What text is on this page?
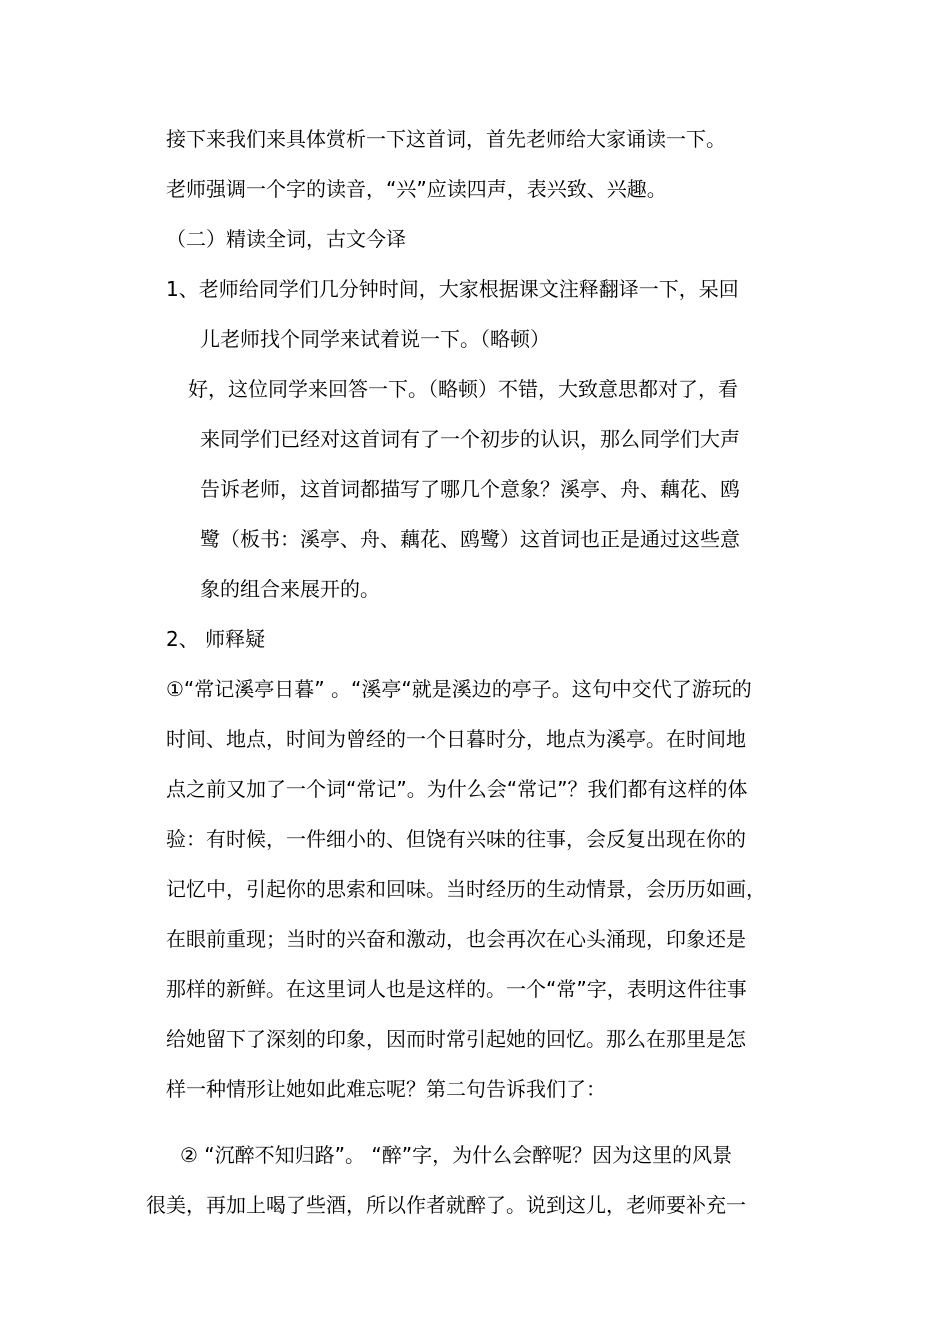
接下来我们来具体赏析一下这首词，首先老师给大家诵读一下。
老师强调一个字的读音，“兴”应读四声，表兴致、兴趣。
（二）精读全词，古文今译
1、老师给同学们几分钟时间，大家根据课文注释翻译一下，呆回
儿老师找个同学来试着说一下。（略顿）
好，这位同学来回答一下。（略顿）不错，大致意思都对了，看
来同学们已经对这首词有了一个初步的认识，那么同学们大声
告诉老师，这首词都描写了哪几个意象？溪亭、舟、藕花、鸥
鹭（板书：溪亭、舟、藕花、鸥鹭）这首词也正是通过这些意
象的组合来展开的。
2、 师释疑
①“常记溪亭日暮” 。“溪亭“就是溪边的亭子。这句中交代了游玩的
时间、地点，时间为曾经的一个日暮时分，地点为溪亭。在时间地
点之前又加了一个词“常记”。为什么会“常记”？我们都有这样的体
验：有时候，一件细小的、但饶有兴味的往事，会反复出现在你的
记忆中，引起你的思索和回味。当时经历的生动情景，会历历如画，
在眼前重现；当时的兴奋和激动，也会再次在心头涌现，印象还是
那样的新鲜。在这里词人也是这样的。一个“常”字，表明这件往事
给她留下了深刻的印象，因而时常引起她的回忆。那么在那里是怎
样一种情形让她如此难忘呢？第二句告诉我们了：
② “沉醉不知归路”。 “醉”字，为什么会醉呢？因为这里的风景
很美，再加上喝了些酒，所以作者就醉了。说到这儿，老师要补充一
